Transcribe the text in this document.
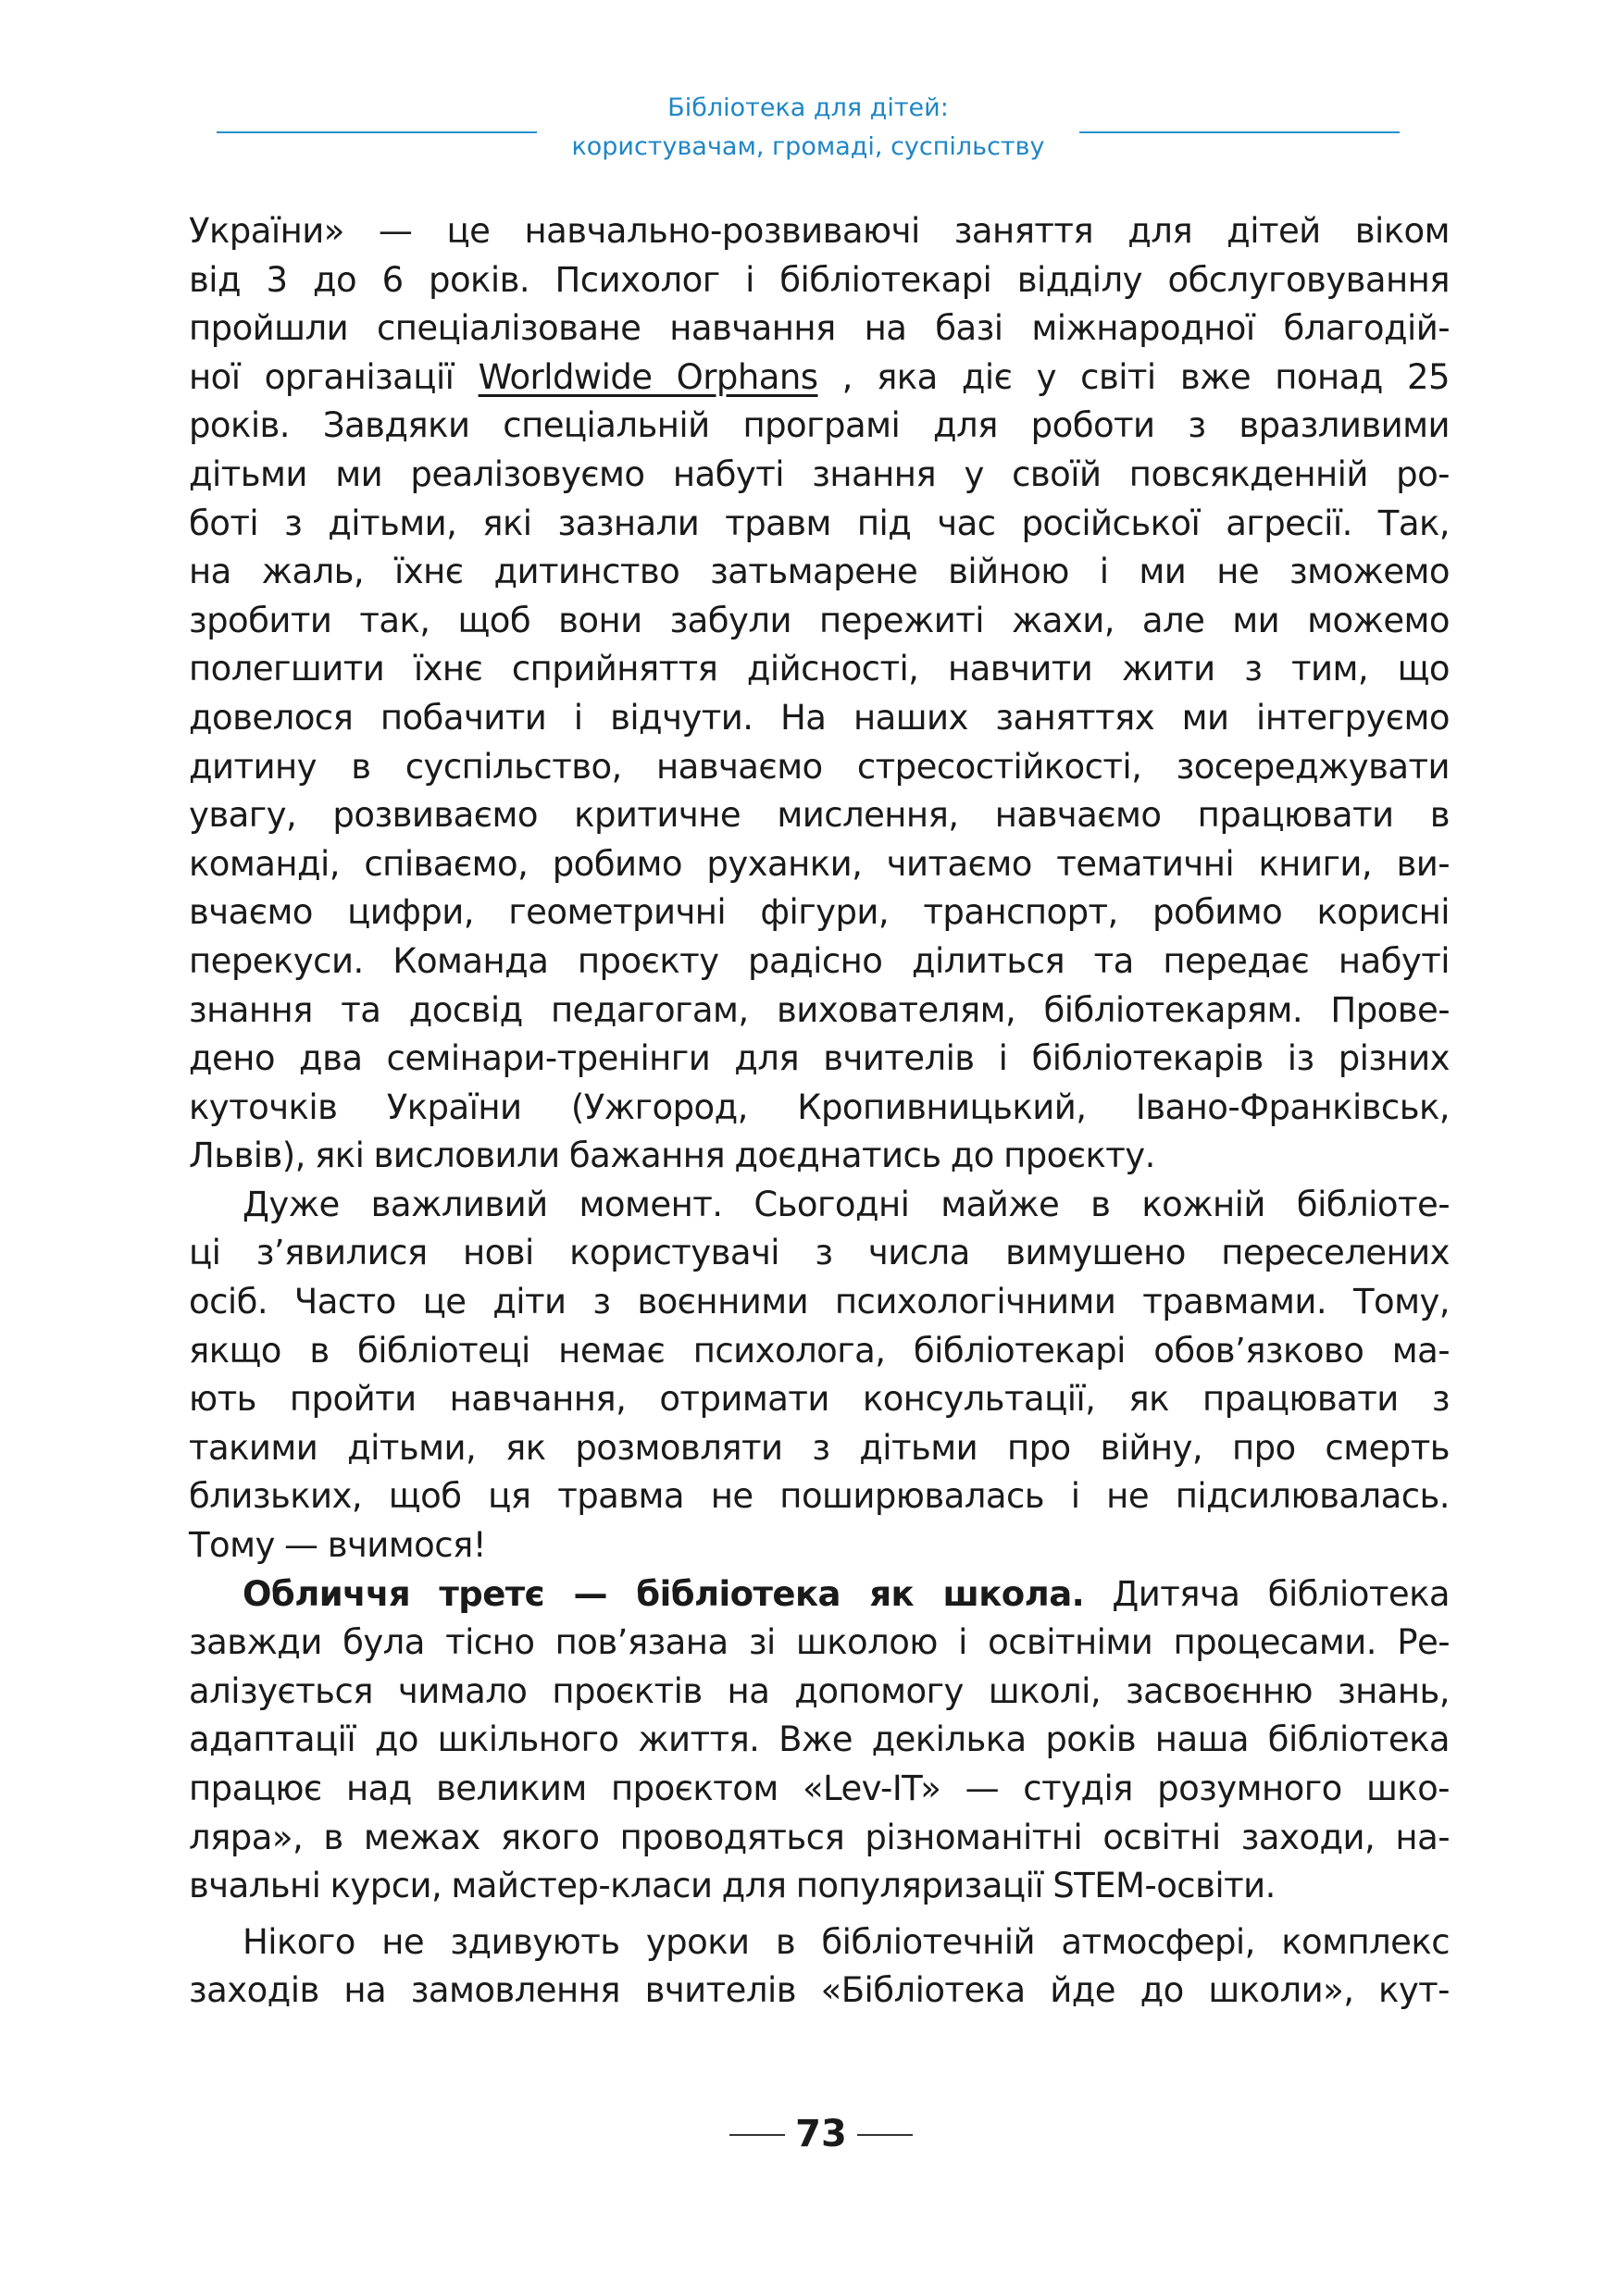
Бібліотека для дітей:
користувачам, громаді, суспільству
України» — це навчально-розвиваючі заняття для дітей віком
від 3 до 6 років. Психолог і бібліотекарі відділу обслуговування
пройшли спеціалізоване навчання на базі міжнародної благодій-
ної організації Worldwide Orphans , яка діє у світі вже понад 25
років. Завдяки спеціальній програмі для роботи з вразливими
дітьми ми реалізовуємо набуті знання у своїй повсякденній ро-
боті з дітьми, які зазнали травм під час російської агресії. Так,
на жаль, їхнє дитинство затьмарене війною і ми не зможемо
зробити так, щоб вони забули пережиті жахи, але ми можемо
полегшити їхнє сприйняття дійсності, навчити жити з тим, що
довелося побачити і відчути. На наших заняттях ми інтегруємо
дитину в суспільство, навчаємо стресостійкості, зосереджувати
увагу, розвиваємо критичне мислення, навчаємо працювати в
команді, співаємо, робимо руханки, читаємо тематичні книги, ви-
вчаємо цифри, геометричні фігури, транспорт, робимо корисні
перекуси. Команда проєкту радісно ділиться та передає набуті
знання та досвід педагогам, вихователям, бібліотекарям. Прове-
дено два семінари-тренінги для вчителів і бібліотекарів із різних
куточків України (Ужгород, Кропивницький, Івано-Франківськ,
Львів), які висловили бажання доєднатись до проєкту.
Дуже важливий момент. Сьогодні майже в кожній бібліоте-
ці з’явилися нові користувачі з числа вимушено переселених
осіб. Часто це діти з воєнними психологічними травмами. Тому,
якщо в бібліотеці немає психолога, бібліотекарі обов’язково ма-
ють пройти навчання, отримати консультації, як працювати з
такими дітьми, як розмовляти з дітьми про війну, про смерть
близьких, щоб ця травма не поширювалась і не підсилювалась.
Тому — вчимося!
Обличчя третє — бібліотека як школа. Дитяча бібліотека
завжди була тісно пов’язана зі школою і освітніми процесами. Ре-
алізується чимало проєктів на допомогу школі, засвоєнню знань,
адаптації до шкільного життя. Вже декілька років наша бібліотека
працює над великим проєктом «Lev-IT» — студія розумного шко-
ляра», в межах якого проводяться різноманітні освітні заходи, на-
вчальні курси, майстер-класи для популяризації STEM-освіти.
Нікого не здивують уроки в бібліотечній атмосфері, комплекс
заходів на замовлення вчителів «Бібліотека йде до школи», кут-
73
